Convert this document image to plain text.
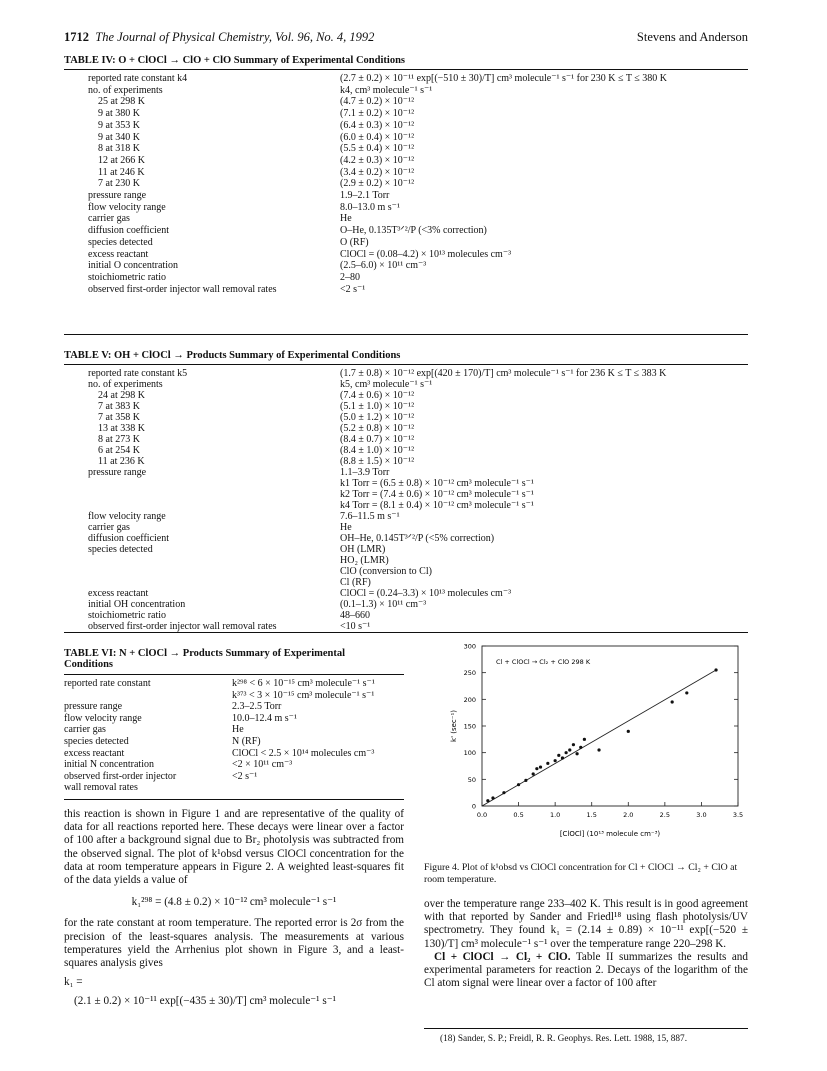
1712 The Journal of Physical Chemistry, Vol. 96, No. 4, 1992	Stevens and Anderson
TABLE IV: O + ClOCl → ClO + ClO Summary of Experimental Conditions
reported rate constant k4	(2.7 ± 0.2) × 10⁻¹¹ exp[(−510 ± 30)/T] cm³ molecule⁻¹ s⁻¹ for 230 K ≤ T ≤ 380 K
no. of experiments	k4, cm³ molecule⁻¹ s⁻¹
25 at 298 K	(4.7 ± 0.2) × 10⁻¹²
9 at 380 K	(7.1 ± 0.2) × 10⁻¹²
9 at 353 K	(6.4 ± 0.3) × 10⁻¹²
9 at 340 K	(6.0 ± 0.4) × 10⁻¹²
8 at 318 K	(5.5 ± 0.4) × 10⁻¹²
12 at 266 K	(4.2 ± 0.3) × 10⁻¹²
11 at 246 K	(3.4 ± 0.2) × 10⁻¹²
7 at 230 K	(2.9 ± 0.2) × 10⁻¹²
pressure range	1.9–2.1 Torr
flow velocity range	8.0–13.0 m s⁻¹
carrier gas	He
diffusion coefficient	O–He, 0.135T³ᐟ²/P (<3% correction)
species detected	O (RF)
excess reactant	ClOCl = (0.08–4.2) × 10¹³ molecules cm⁻³
initial O concentration	(2.5–6.0) × 10¹¹ cm⁻³
stoichiometric ratio	2–80
observed first-order injector wall removal rates	<2 s⁻¹
TABLE V: OH + ClOCl → Products Summary of Experimental Conditions
reported rate constant k5	(1.7 ± 0.8) × 10⁻¹² exp[(420 ± 170)/T] cm³ molecule⁻¹ s⁻¹ for 236 K ≤ T ≤ 383 K
no. of experiments	k5, cm³ molecule⁻¹ s⁻¹
24 at 298 K	(7.4 ± 0.6) × 10⁻¹²
7 at 383 K	(5.1 ± 1.0) × 10⁻¹²
7 at 358 K	(5.0 ± 1.2) × 10⁻¹²
13 at 338 K	(5.2 ± 0.8) × 10⁻¹²
8 at 273 K	(8.4 ± 0.7) × 10⁻¹²
6 at 254 K	(8.4 ± 1.0) × 10⁻¹²
11 at 236 K	(8.8 ± 1.5) × 10⁻¹²
pressure range	1.1–3.9 Torr
k1 Torr = (6.5 ± 0.8) × 10⁻¹² cm³ molecule⁻¹ s⁻¹
k2 Torr = (7.4 ± 0.6) × 10⁻¹² cm³ molecule⁻¹ s⁻¹
k4 Torr = (8.1 ± 0.4) × 10⁻¹² cm³ molecule⁻¹ s⁻¹
flow velocity range	7.6–11.5 m s⁻¹
carrier gas	He
diffusion coefficient	OH–He, 0.145T³ᐟ²/P (<5% correction)
species detected	OH (LMR)
HO₂ (LMR)
ClO (conversion to Cl)
Cl (RF)
excess reactant	ClOCl = (0.24–3.3) × 10¹³ molecules cm⁻³
initial OH concentration	(0.1–1.3) × 10¹¹ cm⁻³
stoichiometric ratio	48–660
observed first-order injector wall removal rates	<10 s⁻¹
TABLE VI: N + ClOCl → Products Summary of Experimental
Conditions
reported rate constant	k²⁹⁸ < 6 × 10⁻¹⁵ cm³ molecule⁻¹ s⁻¹
k³⁷³ < 3 × 10⁻¹⁵ cm³ molecule⁻¹ s⁻¹
pressure range	2.3–2.5 Torr
flow velocity range	10.0–12.4 m s⁻¹
carrier gas	He
species detected	N (RF)
excess reactant	ClOCl < 2.5 × 10¹⁴ molecules cm⁻³
initial N concentration	<2 × 10¹¹ cm⁻³
observed first-order injector	<2 s⁻¹
wall removal rates

this reaction is shown in Figure 1 and are representative of the quality of data for all reactions reported here. These decays were linear over a factor of 100 after a background signal due to Br₂ photolysis was subtracted from the observed signal. The plot of k¹obsd versus ClOCl concentration for the data at room temperature appears in Figure 2. A weighted least-squares fit of the data yields a value of

k₁²⁹⁸ = (4.8 ± 0.2) × 10⁻¹² cm³ molecule⁻¹ s⁻¹

for the rate constant at room temperature. The reported error is 2σ from the precision of the least-squares analysis. The measurements at various temperatures yield the Arrhenius plot shown in Figure 3, and a least-squares analysis gives

k₁ =
(2.1 ± 0.2) × 10⁻¹¹ exp[(−435 ± 30)/T] cm³ molecule⁻¹ s⁻¹
0.0	0.5	1.0	1.5	2.0	2.5	3.0	3.5
0
50
100
150
200
250
300
Cl + ClOCl → Cl₂ + ClO 298 K
[ClOCl] (10¹³ molecule cm⁻³)
k' (sec⁻¹)
Figure 4. Plot of k¹obsd vs ClOCl concentration for Cl + ClOCl → Cl₂ + ClO at room temperature.

over the temperature range 233–402 K. This result is in good agreement with that reported by Sander and Friedl¹⁸ using flash photolysis/UV spectrometry. They found k₁ = (2.14 ± 0.89) × 10⁻¹¹ exp[(−520 ± 130)/T] cm³ molecule⁻¹ s⁻¹ over the temperature range 220–298 K.

Cl + ClOCl → Cl₂ + ClO. Table II summarizes the results and experimental parameters for reaction 2. Decays of the logarithm of the Cl atom signal were linear over a factor of 100 after

(18) Sander, S. P.; Freidl, R. R. Geophys. Res. Lett. 1988, 15, 887.
